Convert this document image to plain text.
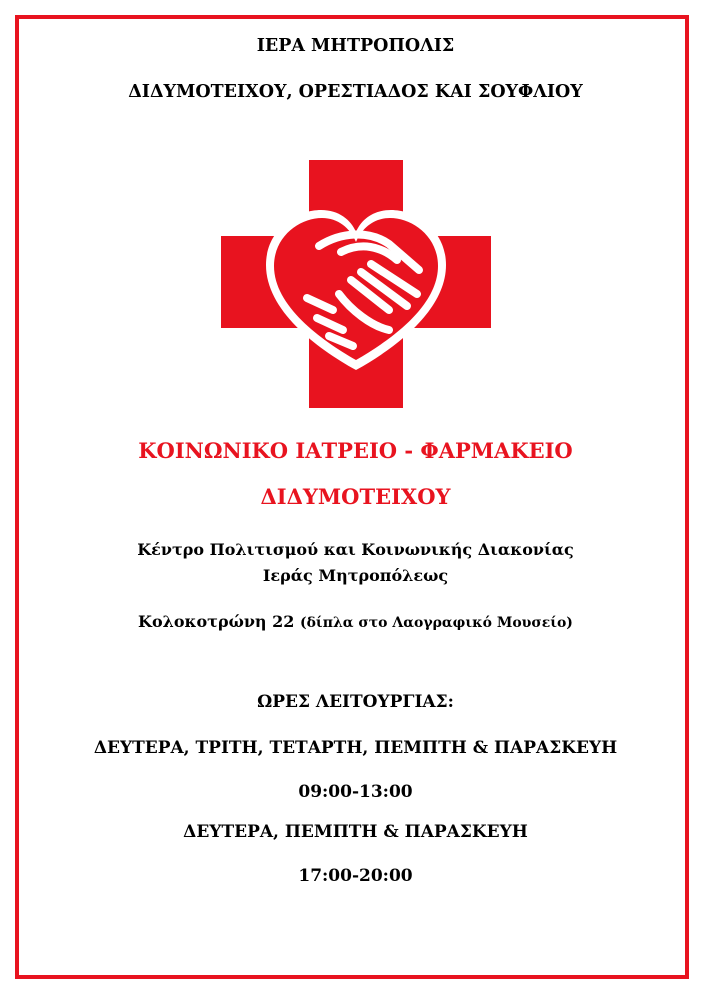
ΙΕΡΑ ΜΗΤΡΟΠΟΛΙΣ
ΔΙΔΥΜΟΤΕΙΧΟΥ, ΟΡΕΣΤΙΑΔΟΣ ΚΑΙ ΣΟΥΦΛΙΟΥ
ΚΟΙΝΩΝΙΚΟ ΙΑΤΡΕΙΟ - ΦΑΡΜΑΚΕΙΟ
ΔΙΔΥΜΟΤΕΙΧΟΥ
Κέντρο Πολιτισμού και Κοινωνικής Διακονίας
Ιεράς Μητροπόλεως
Κολοκοτρώνη 22 (δίπλα στο Λαογραφικό Μουσείο)
ΩΡΕΣ ΛΕΙΤΟΥΡΓΙΑΣ:
ΔΕΥΤΕΡΑ, ΤΡΙΤΗ, ΤΕΤΑΡΤΗ, ΠΕΜΠΤΗ & ΠΑΡΑΣΚΕΥΗ
09:00-13:00
ΔΕΥΤΕΡΑ, ΠΕΜΠΤΗ & ΠΑΡΑΣΚΕΥΗ
17:00-20:00
